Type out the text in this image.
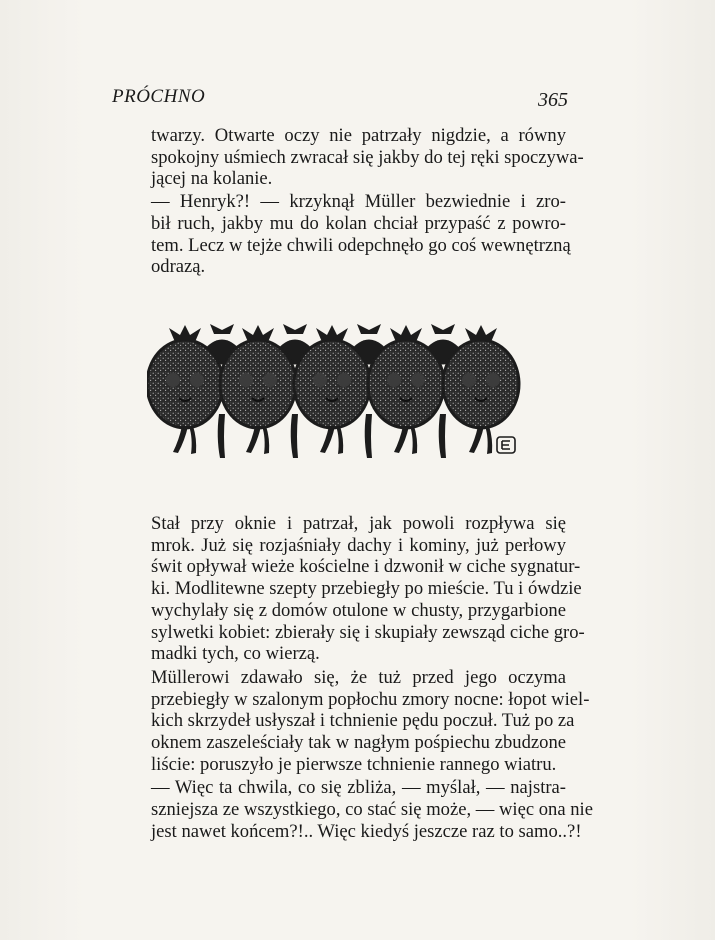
PRÓCHNO	365

twarzy. Otwarte oczy nie patrzały nigdzie, a równy
spokojny uśmiech zwracał się jakby do tej ręki spoczywa-
jącej na kolanie.

— Henryk?! — krzyknął Müller bezwiednie i zro-
bił ruch, jakby mu do kolan chciał przypaść z powro-
tem. Lecz w tejże chwili odepchnęło go coś wewnętrzną
odrazą.

Stał przy oknie i patrzał, jak powoli rozpływa się
mrok. Już się rozjaśniały dachy i kominy, już perłowy
świt opływał wieże kościelne i dzwonił w ciche sygnatur-
ki. Modlitewne szepty przebiegły po mieście. Tu i ówdzie
wychylały się z domów otulone w chusty, przygarbione
sylwetki kobiet: zbierały się i skupiały zewsząd ciche gro-
madki tych, co wierzą.

Müllerowi zdawało się, że tuż przed jego oczyma
przebiegły w szalonym popłochu zmory nocne: łopot wiel-
kich skrzydeł usłyszał i tchnienie pędu poczuł. Tuż po za
oknem zaszeleściały tak w nagłym pośpiechu zbudzone
liście: poruszyło je pierwsze tchnienie rannego wiatru.

— Więc ta chwila, co się zbliża, — myślał, — najstra-
szniejsza ze wszystkiego, co stać się może, — więc ona nie
jest nawet końcem?!.. Więc kiedyś jeszcze raz to samo..?!
